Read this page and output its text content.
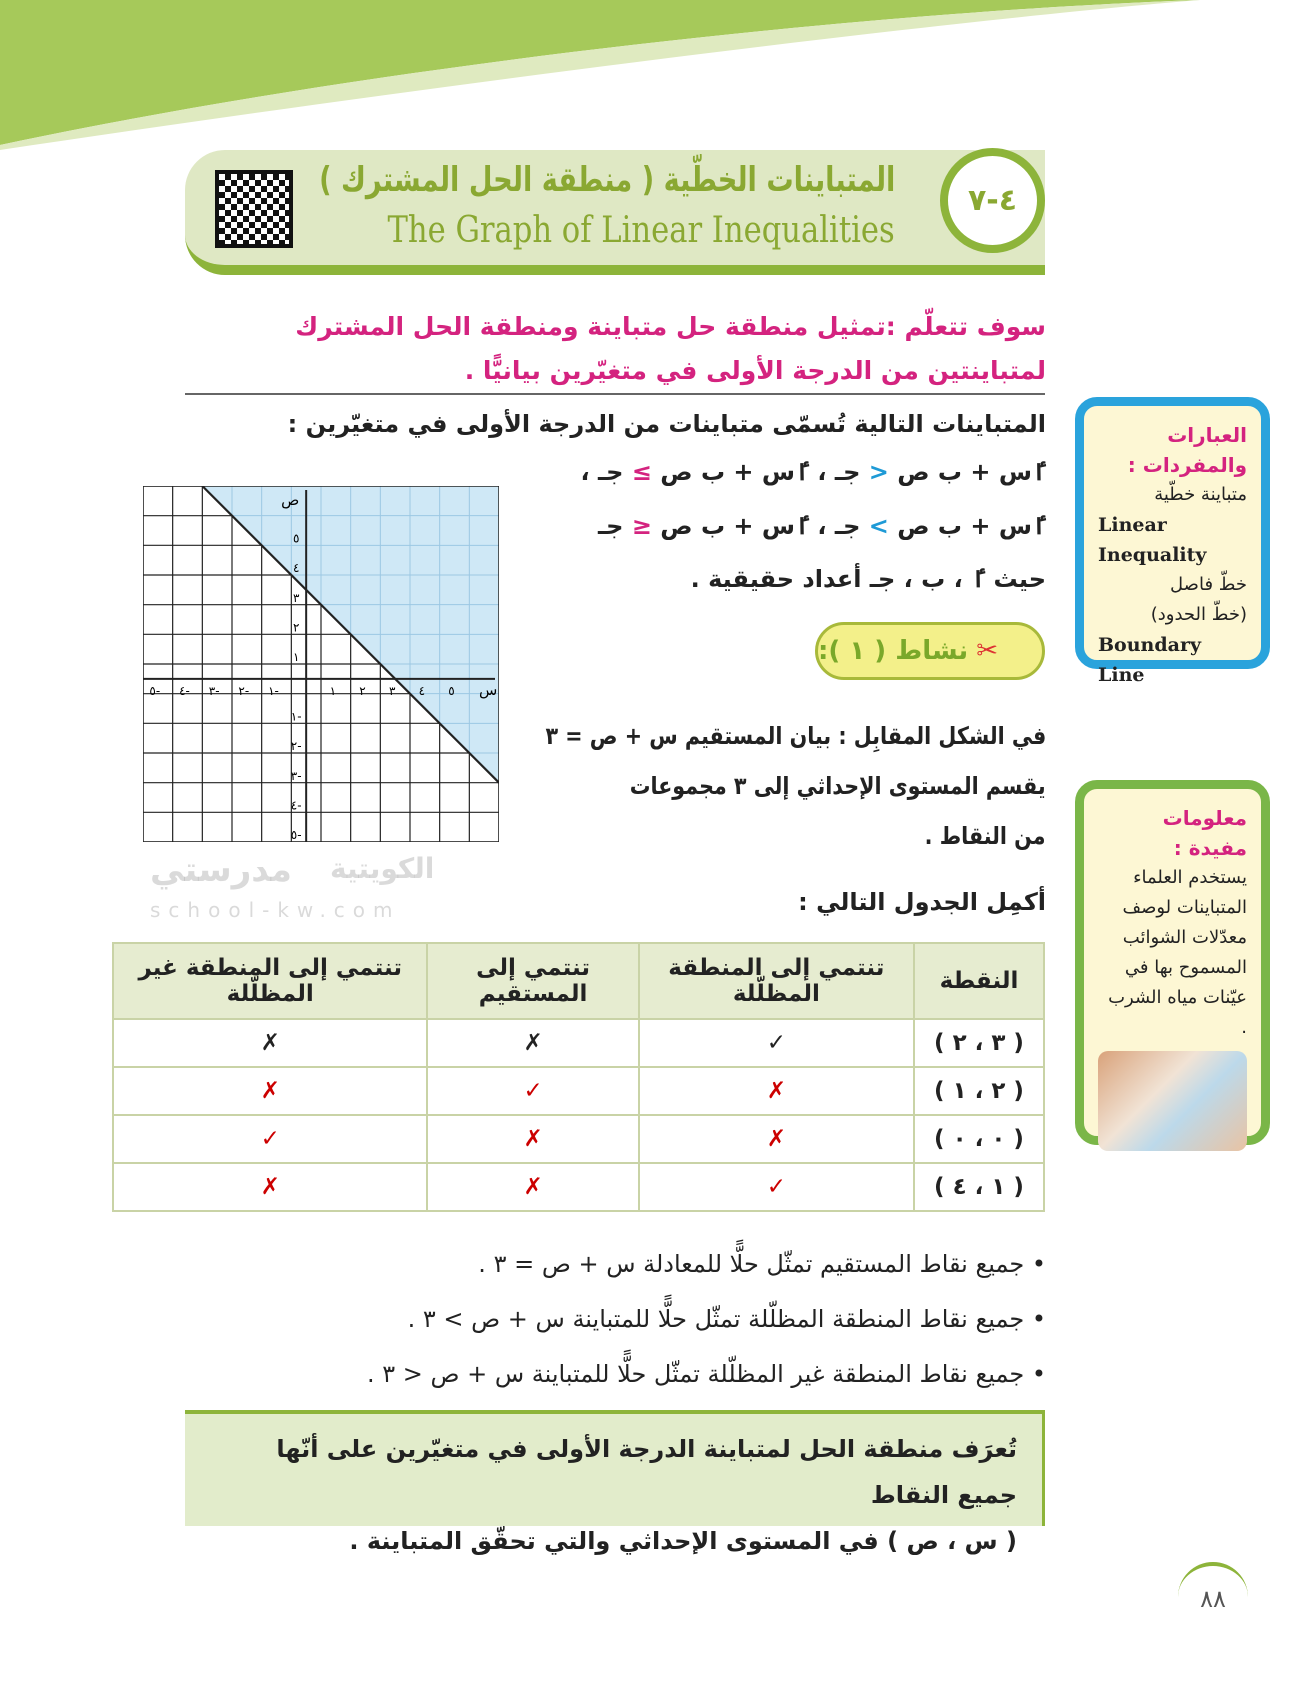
المتباينات الخطّية ( منطقة الحل المشترك )
The Graph of Linear Inequalities
٤-٧
سوف تتعلّم :تمثيل منطقة حل متباينة ومنطقة الحل المشترك لمتباينتين من الدرجة الأولى في متغيّرين بيانيًّا .
مدرستي الكويتية
school-kw.com
المتباينات التالية تُسمّى متباينات من الدرجة الأولى في متغيّرين :
ٵس + ب ص < جـ ، ٵس + ب ص ≥ جـ ،
ٵس + ب ص > جـ ، ٵس + ب ص ≤ جـ
حيث ٵ ، ب ، جـ أعداد حقيقية .
✂
نشاط ( ١ ):
٥- ٤- ٣- ٢- ١-	١ ٢ ٣ ٤ ٥
٥
٤
٣
٢
١
١-
٢-
٣-
٤-
٥-
س
ص
في الشكل المقابِل : بيان المستقيم س + ص = ٣
يقسم المستوى الإحداثي إلى ٣ مجموعات
من النقاط .
أكمِل الجدول التالي :
النقطة	تنتمي إلى المنطقة المظلّلة	تنتمي إلى المستقيم	تنتمي إلى المنطقة غير المظلّلة
( ٣ ، ٢ )	✓	✗	✗
( ٢ ، ١ )	✗	✓	✗
( ٠ ، ٠ )	✗	✗	✓
( ١ ، ٤ )	✓	✗	✗
• جميع نقاط المستقيم تمثّل حلًّا للمعادلة س + ص = ٣ .
• جميع نقاط المنطقة المظلّلة تمثّل حلًّا للمتباينة س + ص > ٣ .
• جميع نقاط المنطقة غير المظلّلة تمثّل حلًّا للمتباينة س + ص < ٣ .
تُعرَف منطقة الحل لمتباينة الدرجة الأولى في متغيّرين على أنّها جميع النقاط
( س ، ص ) في المستوى الإحداثي والتي تحقّق المتباينة .
العبارات والمفردات :
متباينة خطّية
Linear
Inequality
خطّ فاصل
(خطّ الحدود)
Boundary Line
معلومات مفيدة :
يستخدم العلماء المتباينات لوصف معدّلات الشوائب المسموح بها في عيّنات مياه الشرب .
٨٨
